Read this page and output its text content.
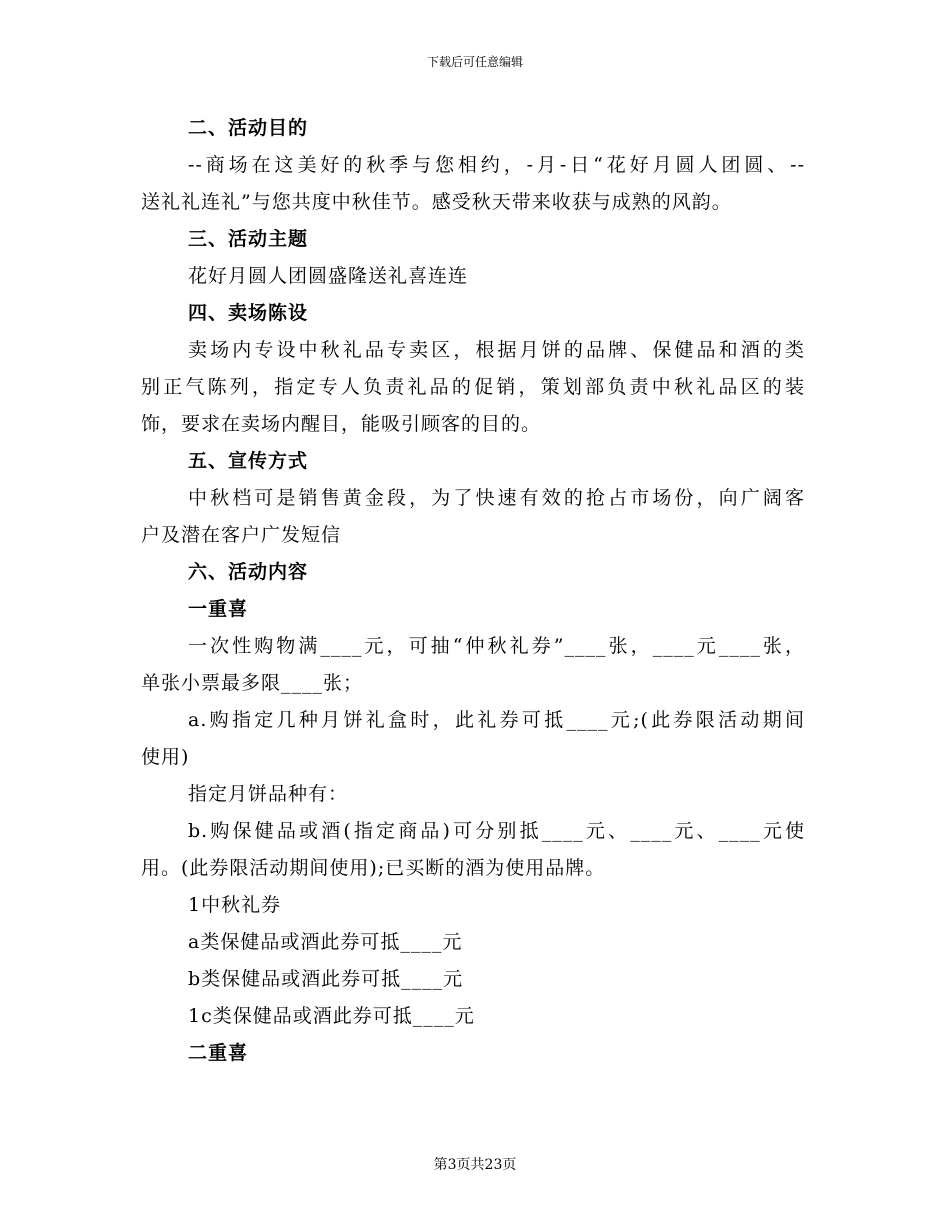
下载后可任意编辑
二、活动目的
--商场在这美好的秋季与您相约，-月-日“花好月圆人团圆、--
送礼礼连礼”与您共度中秋佳节。感受秋天带来收获与成熟的风韵。
三、活动主题
花好月圆人团圆盛隆送礼喜连连
四、卖场陈设
卖场内专设中秋礼品专卖区，根据月饼的品牌、保健品和酒的类
别正气陈列，指定专人负责礼品的促销，策划部负责中秋礼品区的装
饰，要求在卖场内醒目，能吸引顾客的目的。
五、宣传方式
中秋档可是销售黄金段，为了快速有效的抢占市场份，向广阔客
户及潜在客户广发短信
六、活动内容
一重喜
一次性购物满____元，可抽“仲秋礼券”____张，____元____张，
单张小票最多限____张；
a.购指定几种月饼礼盒时，此礼券可抵____元;(此券限活动期间
使用)
指定月饼品种有：
b.购保健品或酒(指定商品)可分别抵____元、____元、____元使
用。(此券限活动期间使用);已买断的酒为使用品牌。
1中秋礼券
a类保健品或酒此券可抵____元
b类保健品或酒此券可抵____元
1c类保健品或酒此券可抵____元
二重喜
第3页共23页
